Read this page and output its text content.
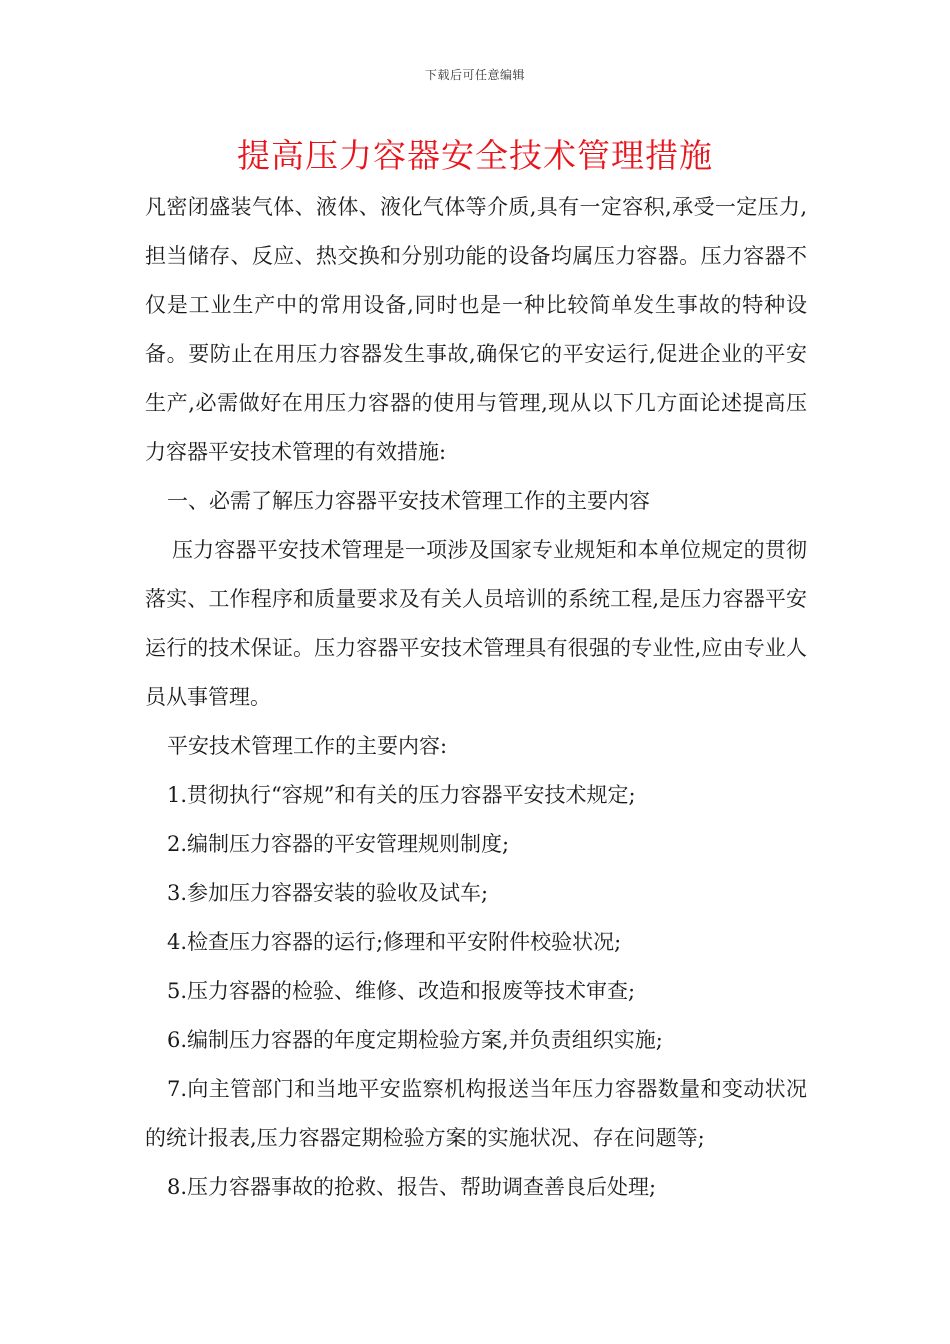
下载后可任意编辑
提高压力容器安全技术管理措施

凡密闭盛装气体、液体、液化气体等介质,具有一定容积,承受一定压力,担当储存、反应、热交换和分别功能的设备均属压力容器。压力容器不仅是工业生产中的常用设备,同时也是一种比较简单发生事故的特种设备。要防止在用压力容器发生事故,确保它的平安运行,促进企业的平安生产,必需做好在用压力容器的使用与管理,现从以下几方面论述提高压力容器平安技术管理的有效措施:

一、必需了解压力容器平安技术管理工作的主要内容

压力容器平安技术管理是一项涉及国家专业规矩和本单位规定的贯彻落实、工作程序和质量要求及有关人员培训的系统工程,是压力容器平安运行的技术保证。压力容器平安技术管理具有很强的专业性,应由专业人员从事管理。

平安技术管理工作的主要内容:

1.贯彻执行“容规”和有关的压力容器平安技术规定;

2.编制压力容器的平安管理规则制度;

3.参加压力容器安装的验收及试车;

4.检查压力容器的运行;修理和平安附件校验状况;

5.压力容器的检验、维修、改造和报废等技术审查;

6.编制压力容器的年度定期检验方案,并负责组织实施;

7.向主管部门和当地平安监察机构报送当年压力容器数量和变动状况的统计报表,压力容器定期检验方案的实施状况、存在问题等;

8.压力容器事故的抢救、报告、帮助调查善良后处理;
